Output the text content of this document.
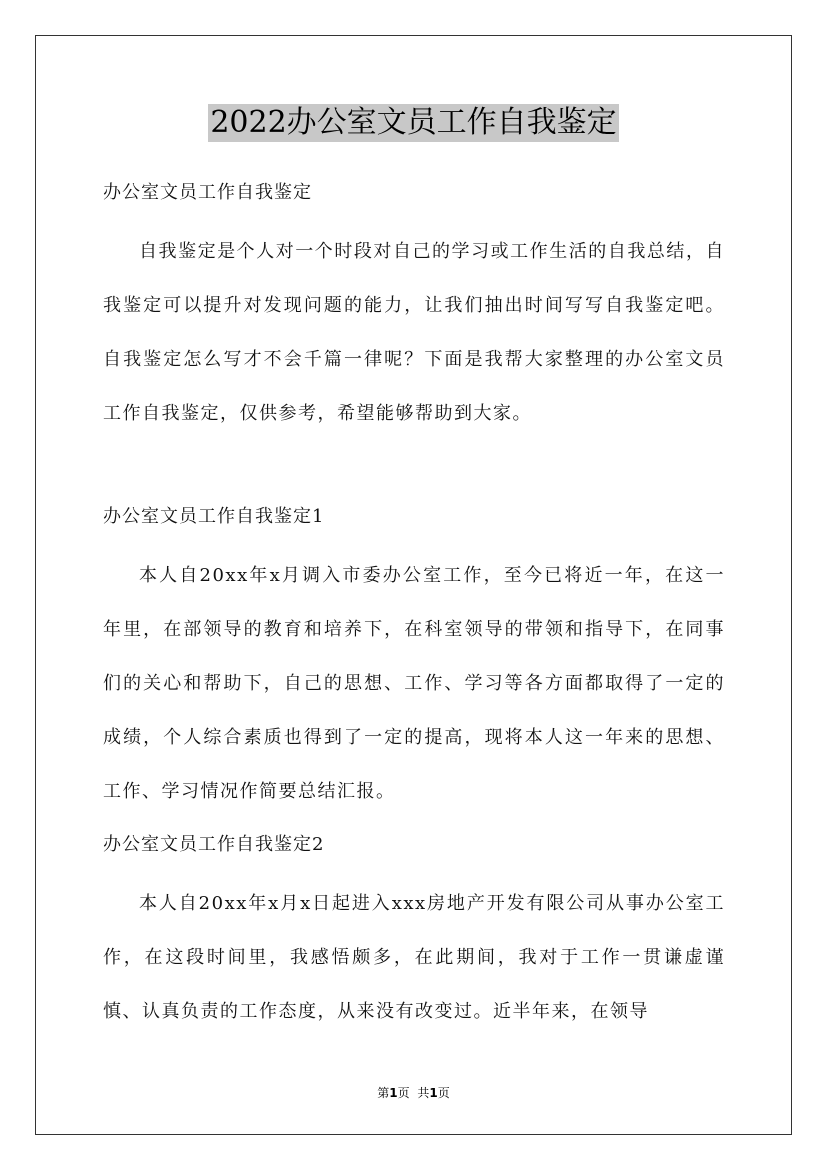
2022办公室文员工作自我鉴定

办公室文员工作自我鉴定

自我鉴定是个人对一个时段对自己的学习或工作生活的自我总结，自我鉴定可以提升对发现问题的能力，让我们抽出时间写写自我鉴定吧。自我鉴定怎么写才不会千篇一律呢？下面是我帮大家整理的办公室文员工作自我鉴定，仅供参考，希望能够帮助到大家。

办公室文员工作自我鉴定1

本人自20xx年x月调入市委办公室工作，至今已将近一年，在这一年里，在部领导的教育和培养下，在科室领导的带领和指导下，在同事们的关心和帮助下，自己的思想、工作、学习等各方面都取得了一定的成绩，个人综合素质也得到了一定的提高，现将本人这一年来的思想、工作、学习情况作简要总结汇报。

办公室文员工作自我鉴定2

本人自20xx年x月x日起进入xxx房地产开发有限公司从事办公室工作，在这段时间里，我感悟颇多，在此期间，我对于工作一贯谦虚谨慎、认真负责的工作态度，从来没有改变过。近半年来，在领导

第1页 共1页
